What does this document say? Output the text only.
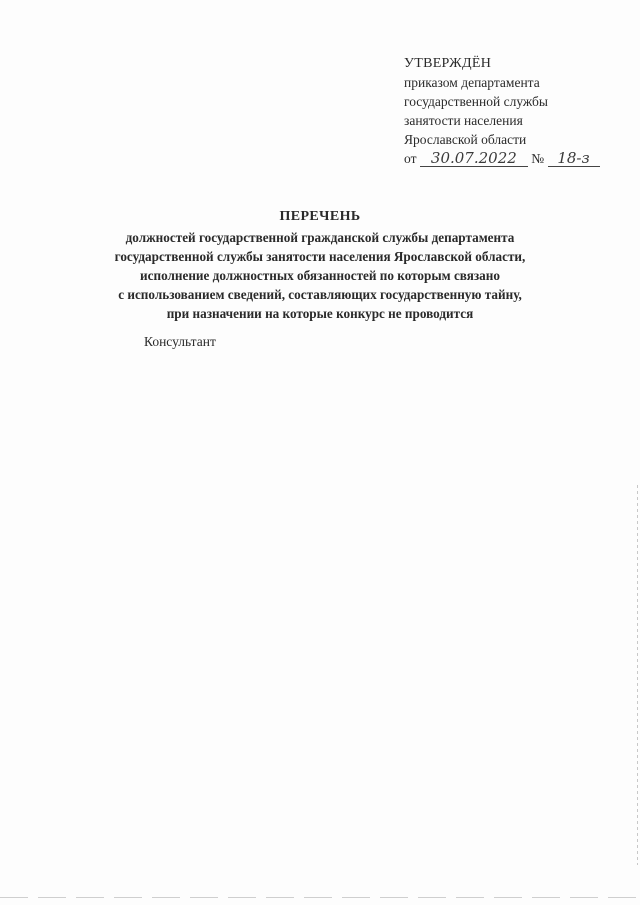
УТВЕРЖДЁН
приказом департамента
государственной службы
занятости населения
Ярославской области
от 30.07.2022 № 18-з
ПЕРЕЧЕНЬ
должностей государственной гражданской службы департамента
государственной службы занятости населения Ярославской области,
исполнение должностных обязанностей по которым связано
с использованием сведений, составляющих государственную тайну,
при назначении на которые конкурс не проводится
Консультант
